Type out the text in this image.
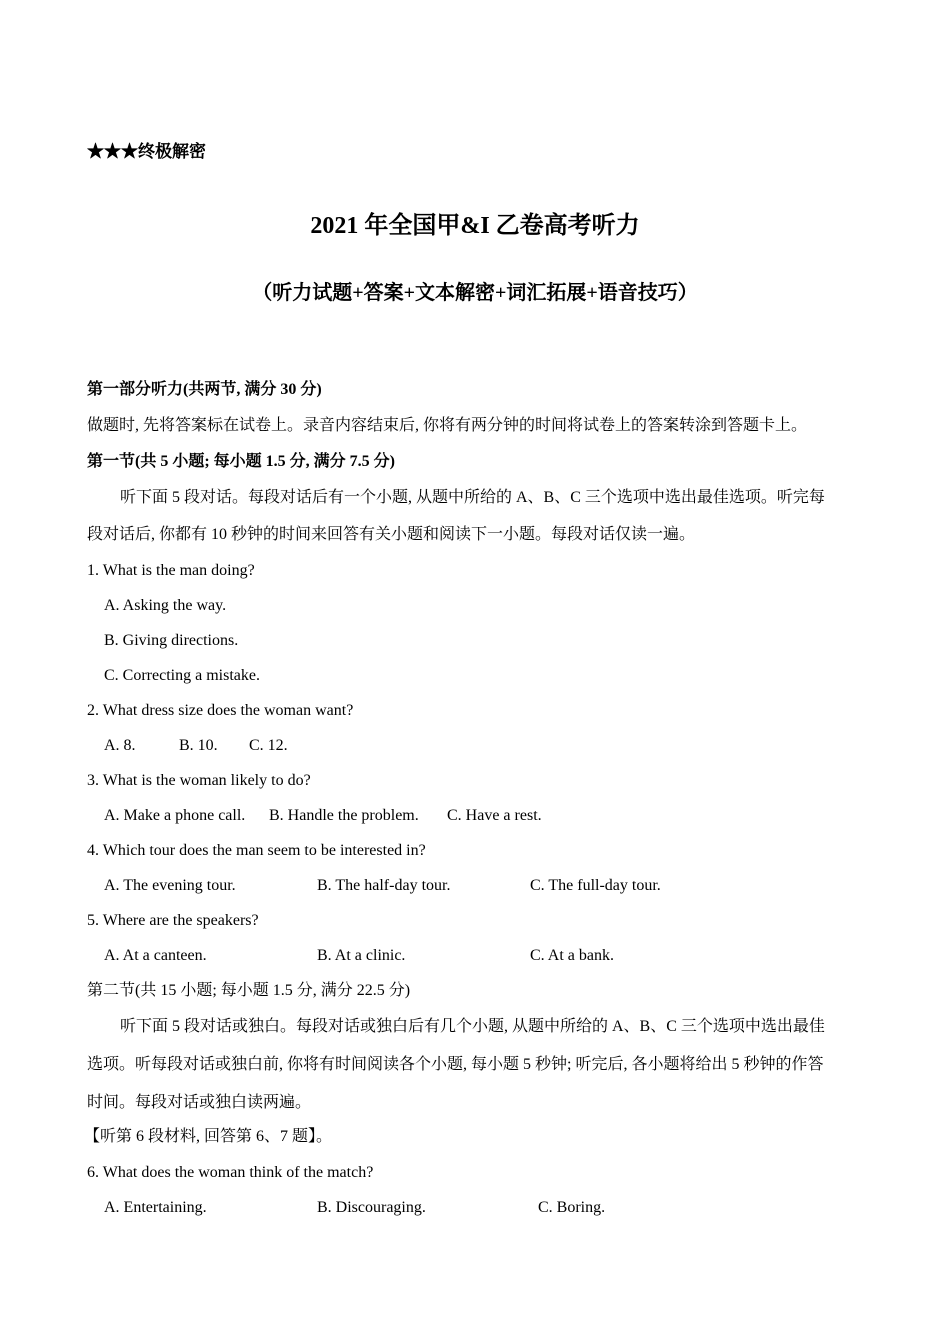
★★★终极解密
2021 年全国甲&I 乙卷高考听力
（听力试题+答案+文本解密+词汇拓展+语音技巧）
第一部分听力(共两节, 满分 30 分)
做题时, 先将答案标在试卷上。录音内容结束后, 你将有两分钟的时间将试卷上的答案转涂到答题卡上。
第一节(共 5 小题; 每小题 1.5 分, 满分 7.5 分)
听下面 5 段对话。每段对话后有一个小题, 从题中所给的 A、B、C 三个选项中选出最佳选项。听完每
段对话后, 你都有 10 秒钟的时间来回答有关小题和阅读下一小题。每段对话仅读一遍。
1. What is the man doing?
A. Asking the way.
B. Giving directions.
C. Correcting a mistake.
2. What dress size does the woman want?
A. 8.	B. 10. C. 12.
3. What is the woman likely to do?
A. Make a phone call. B. Handle the problem. C. Have a rest.
4. Which tour does the man seem to be interested in?
A. The evening tour.	B. The half-day tour.	C. The full-day tour.
5. Where are the speakers?
A. At a canteen.	B. At a clinic.	C. At a bank.
第二节(共 15 小题; 每小题 1.5 分, 满分 22.5 分)
听下面 5 段对话或独白。每段对话或独白后有几个小题, 从题中所给的 A、B、C 三个选项中选出最佳
选项。听每段对话或独白前, 你将有时间阅读各个小题, 每小题 5 秒钟; 听完后, 各小题将给出 5 秒钟的作答
时间。每段对话或独白读两遍。
【听第 6 段材料, 回答第 6、7 题】。
6. What does the woman think of the match?
A. Entertaining.	B. Discouraging.	C. Boring.
